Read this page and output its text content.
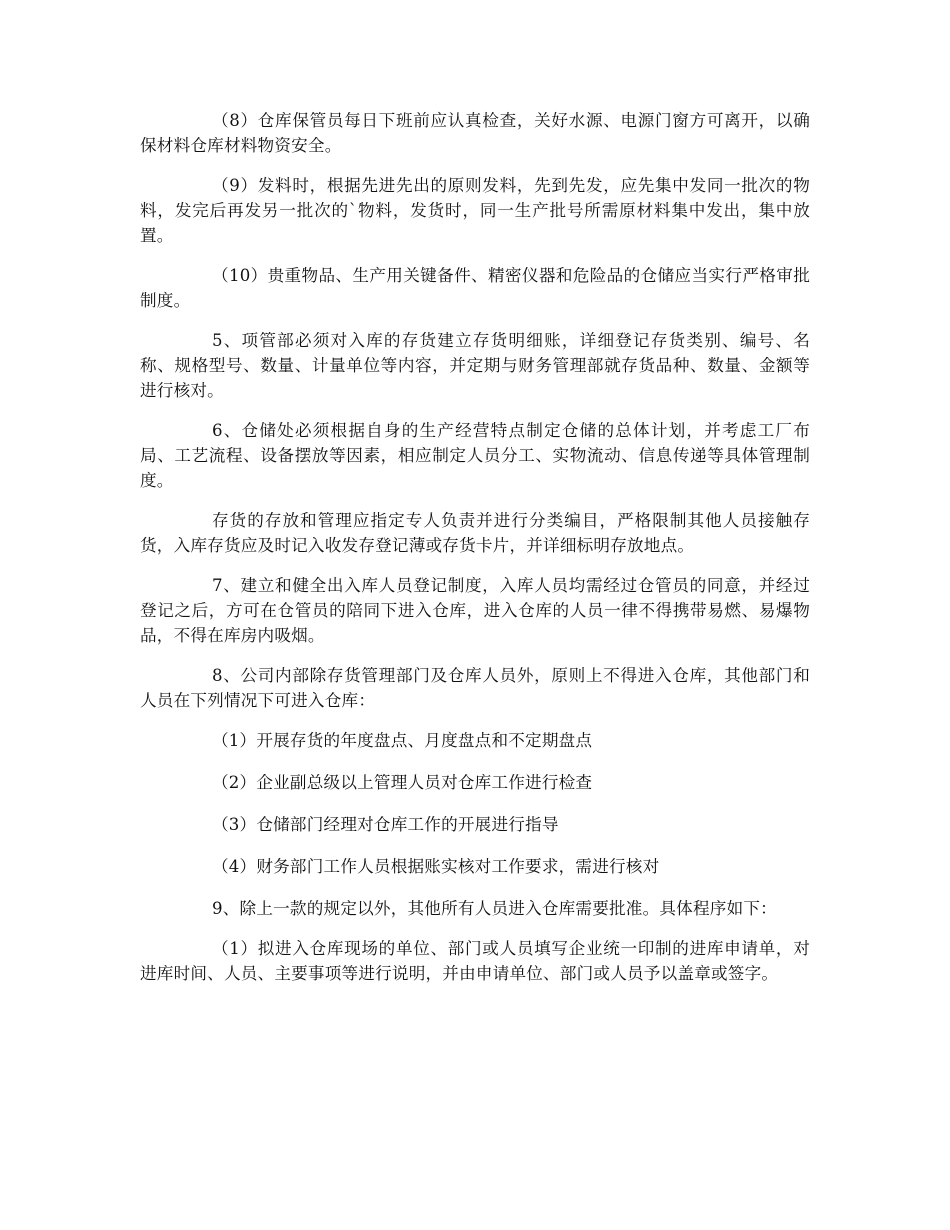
（8）仓库保管员每日下班前应认真检查，关好水源、电源门窗方可离开，以确保材料仓库材料物资安全。

（9）发料时，根据先进先出的原则发料，先到先发，应先集中发同一批次的物料，发完后再发另一批次的`物料，发货时，同一生产批号所需原材料集中发出，集中放置。

（10）贵重物品、生产用关键备件、精密仪器和危险品的仓储应当实行严格审批制度。

5、项管部必须对入库的存货建立存货明细账，详细登记存货类别、编号、名称、规格型号、数量、计量单位等内容，并定期与财务管理部就存货品种、数量、金额等进行核对。

6、仓储处必须根据自身的生产经营特点制定仓储的总体计划，并考虑工厂布局、工艺流程、设备摆放等因素，相应制定人员分工、实物流动、信息传递等具体管理制度。

存货的存放和管理应指定专人负责并进行分类编目，严格限制其他人员接触存货，入库存货应及时记入收发存登记薄或存货卡片，并详细标明存放地点。

7、建立和健全出入库人员登记制度，入库人员均需经过仓管员的同意，并经过登记之后，方可在仓管员的陪同下进入仓库，进入仓库的人员一律不得携带易燃、易爆物品，不得在库房内吸烟。

8、公司内部除存货管理部门及仓库人员外，原则上不得进入仓库，其他部门和人员在下列情况下可进入仓库：

（1）开展存货的年度盘点、月度盘点和不定期盘点

（2）企业副总级以上管理人员对仓库工作进行检查

（3）仓储部门经理对仓库工作的开展进行指导

（4）财务部门工作人员根据账实核对工作要求，需进行核对

9、除上一款的规定以外，其他所有人员进入仓库需要批准。具体程序如下：

（1）拟进入仓库现场的单位、部门或人员填写企业统一印制的进库申请单，对进库时间、人员、主要事项等进行说明，并由申请单位、部门或人员予以盖章或签字。
